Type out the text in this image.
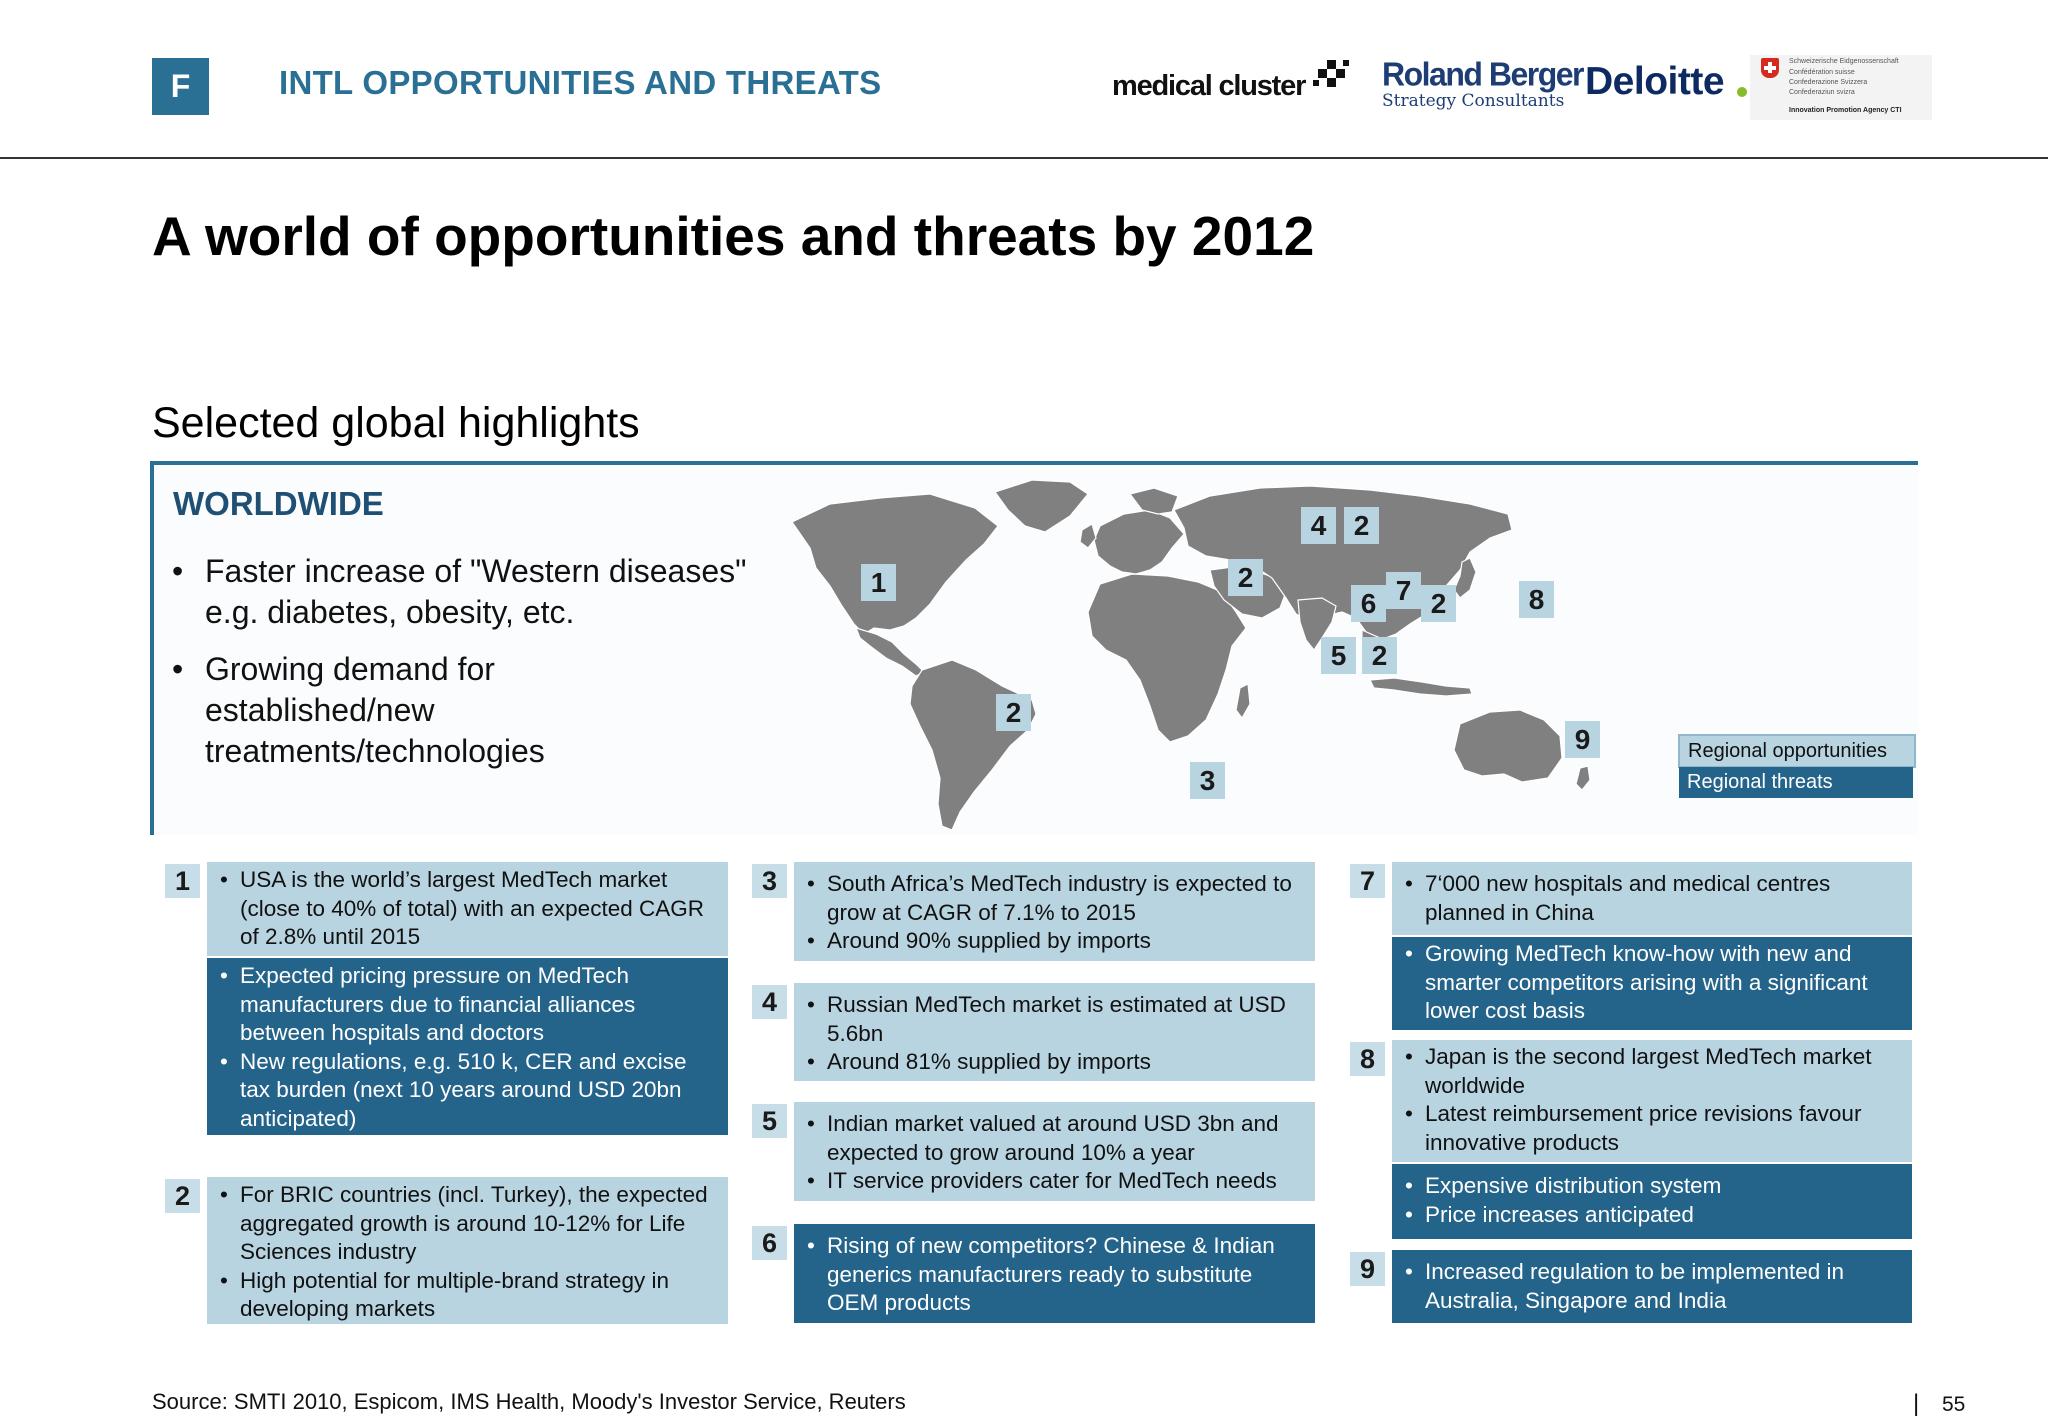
F	INTL OPPORTUNITIES AND THREATS	medical cluster Roland Berger
Strategy Consultants Deloitte	Schweizerische Eidgenossenschaft
Confédération suisse
Confederazione Svizzera
Confederaziun svizra
Innovation Promotion Agency CTI
A world of opportunities and threats by 2012
Selected global highlights
WORLDWIDE
• Faster increase of "Western diseases" e.g. diabetes, obesity, etc.
• Growing demand for established/new treatments/technologies
1
2
3
4 2
2
6 7 2	8
5 2
9	Regional opportunities
Regional threats
1	• USA is the world’s largest MedTech market (close to 40% of total) with an expected CAGR of 2.8% until 2015
• Expected pricing pressure on MedTech manufacturers due to financial alliances between hospitals and doctors
• New regulations, e.g. 510 k, CER and excise tax burden (next 10 years around USD 20bn anticipated)
2	• For BRIC countries (incl. Turkey), the expected aggregated growth is around 10-12% for Life Sciences industry
• High potential for multiple-brand strategy in developing markets
3	• South Africa’s MedTech industry is expected to grow at CAGR of 7.1% to 2015
• Around 90% supplied by imports
4	• Russian MedTech market is estimated at USD 5.6bn
• Around 81% supplied by imports
5	• Indian market valued at around USD 3bn and expected to grow around 10% a year
• IT service providers cater for MedTech needs
6	• Rising of new competitors? Chinese & Indian generics manufacturers ready to substitute OEM products
7	• 7‘000 new hospitals and medical centres planned in China
• Growing MedTech know-how with new and smarter competitors arising with a significant lower cost basis
8	• Japan is the second largest MedTech market worldwide
• Latest reimbursement price revisions favour innovative products
• Expensive distribution system
• Price increases anticipated
9	• Increased regulation to be implemented in Australia, Singapore and India
Source: SMTI 2010, Espicom, IMS Health, Moody's Investor Service, Reuters	| 55
